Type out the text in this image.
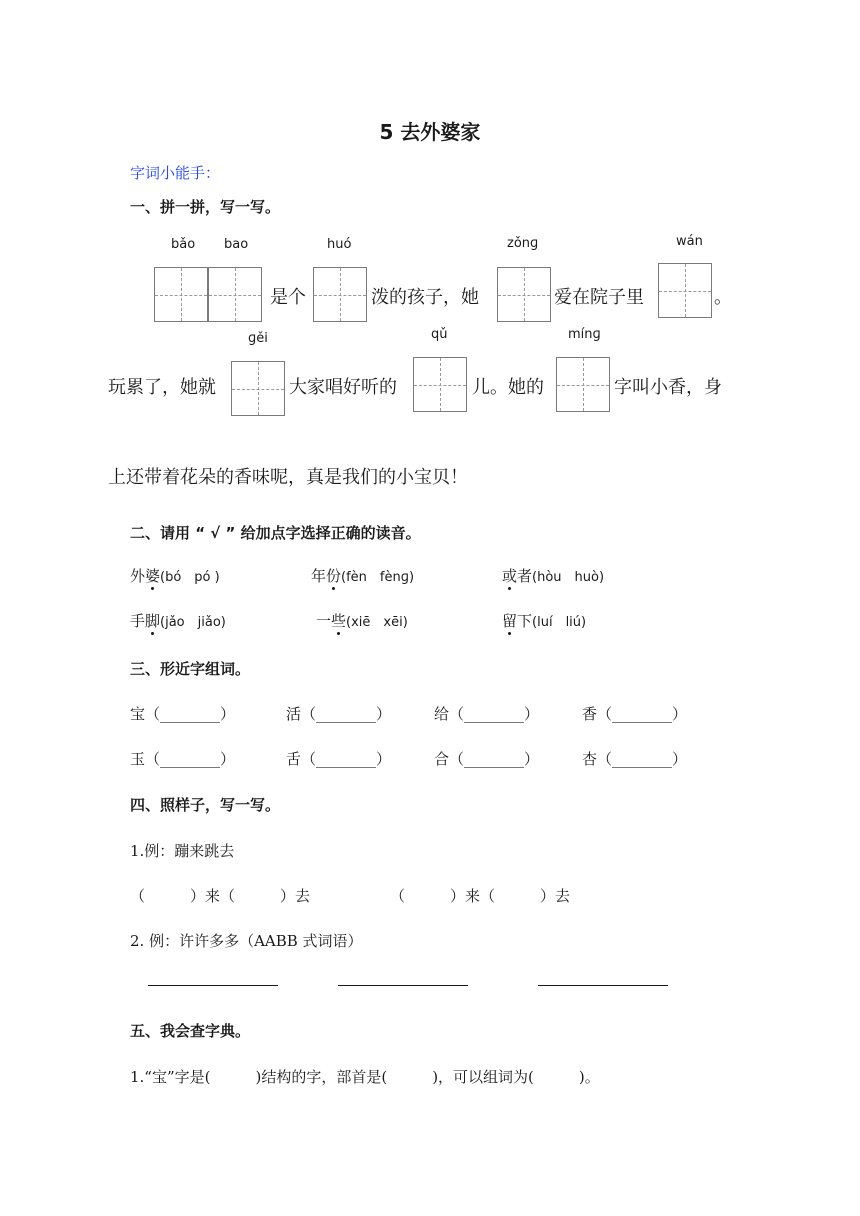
5 去外婆家
字词小能手：
一、拼一拼，写一写。
bǎo bao	huó	zǒnɡ	wán
是个	泼的孩子，她	爱在院子里	。
ɡěi	qǔ	mínɡ
玩累了，她就	大家唱好听的	儿。她的	字叫小香，身
上还带着花朵的香味呢，真是我们的小宝贝！
二、请用 “ √ ” 给加点字选择正确的读音。
外婆(bó　pó )	年份(fèn　fènɡ)	或者(hòu　huò)
手脚(jǎo　jiǎo)	一些(xiē　xēi)	留下(luí　liú)
三、形近字组词。
宝（________）	活（________）	给（________）	香（________）
玉（________）	舌（________）	合（________）	杏（________）
四、照样子，写一写。
1.例：蹦来跳去
（　　　）来（　　　）去	（　　　）来（　　　）去
2. 例：许许多多（AABB 式词语）
五、我会查字典。
1.“宝”字是(　　　)结构的字，部首是(　　　)，可以组词为(　　　)。
